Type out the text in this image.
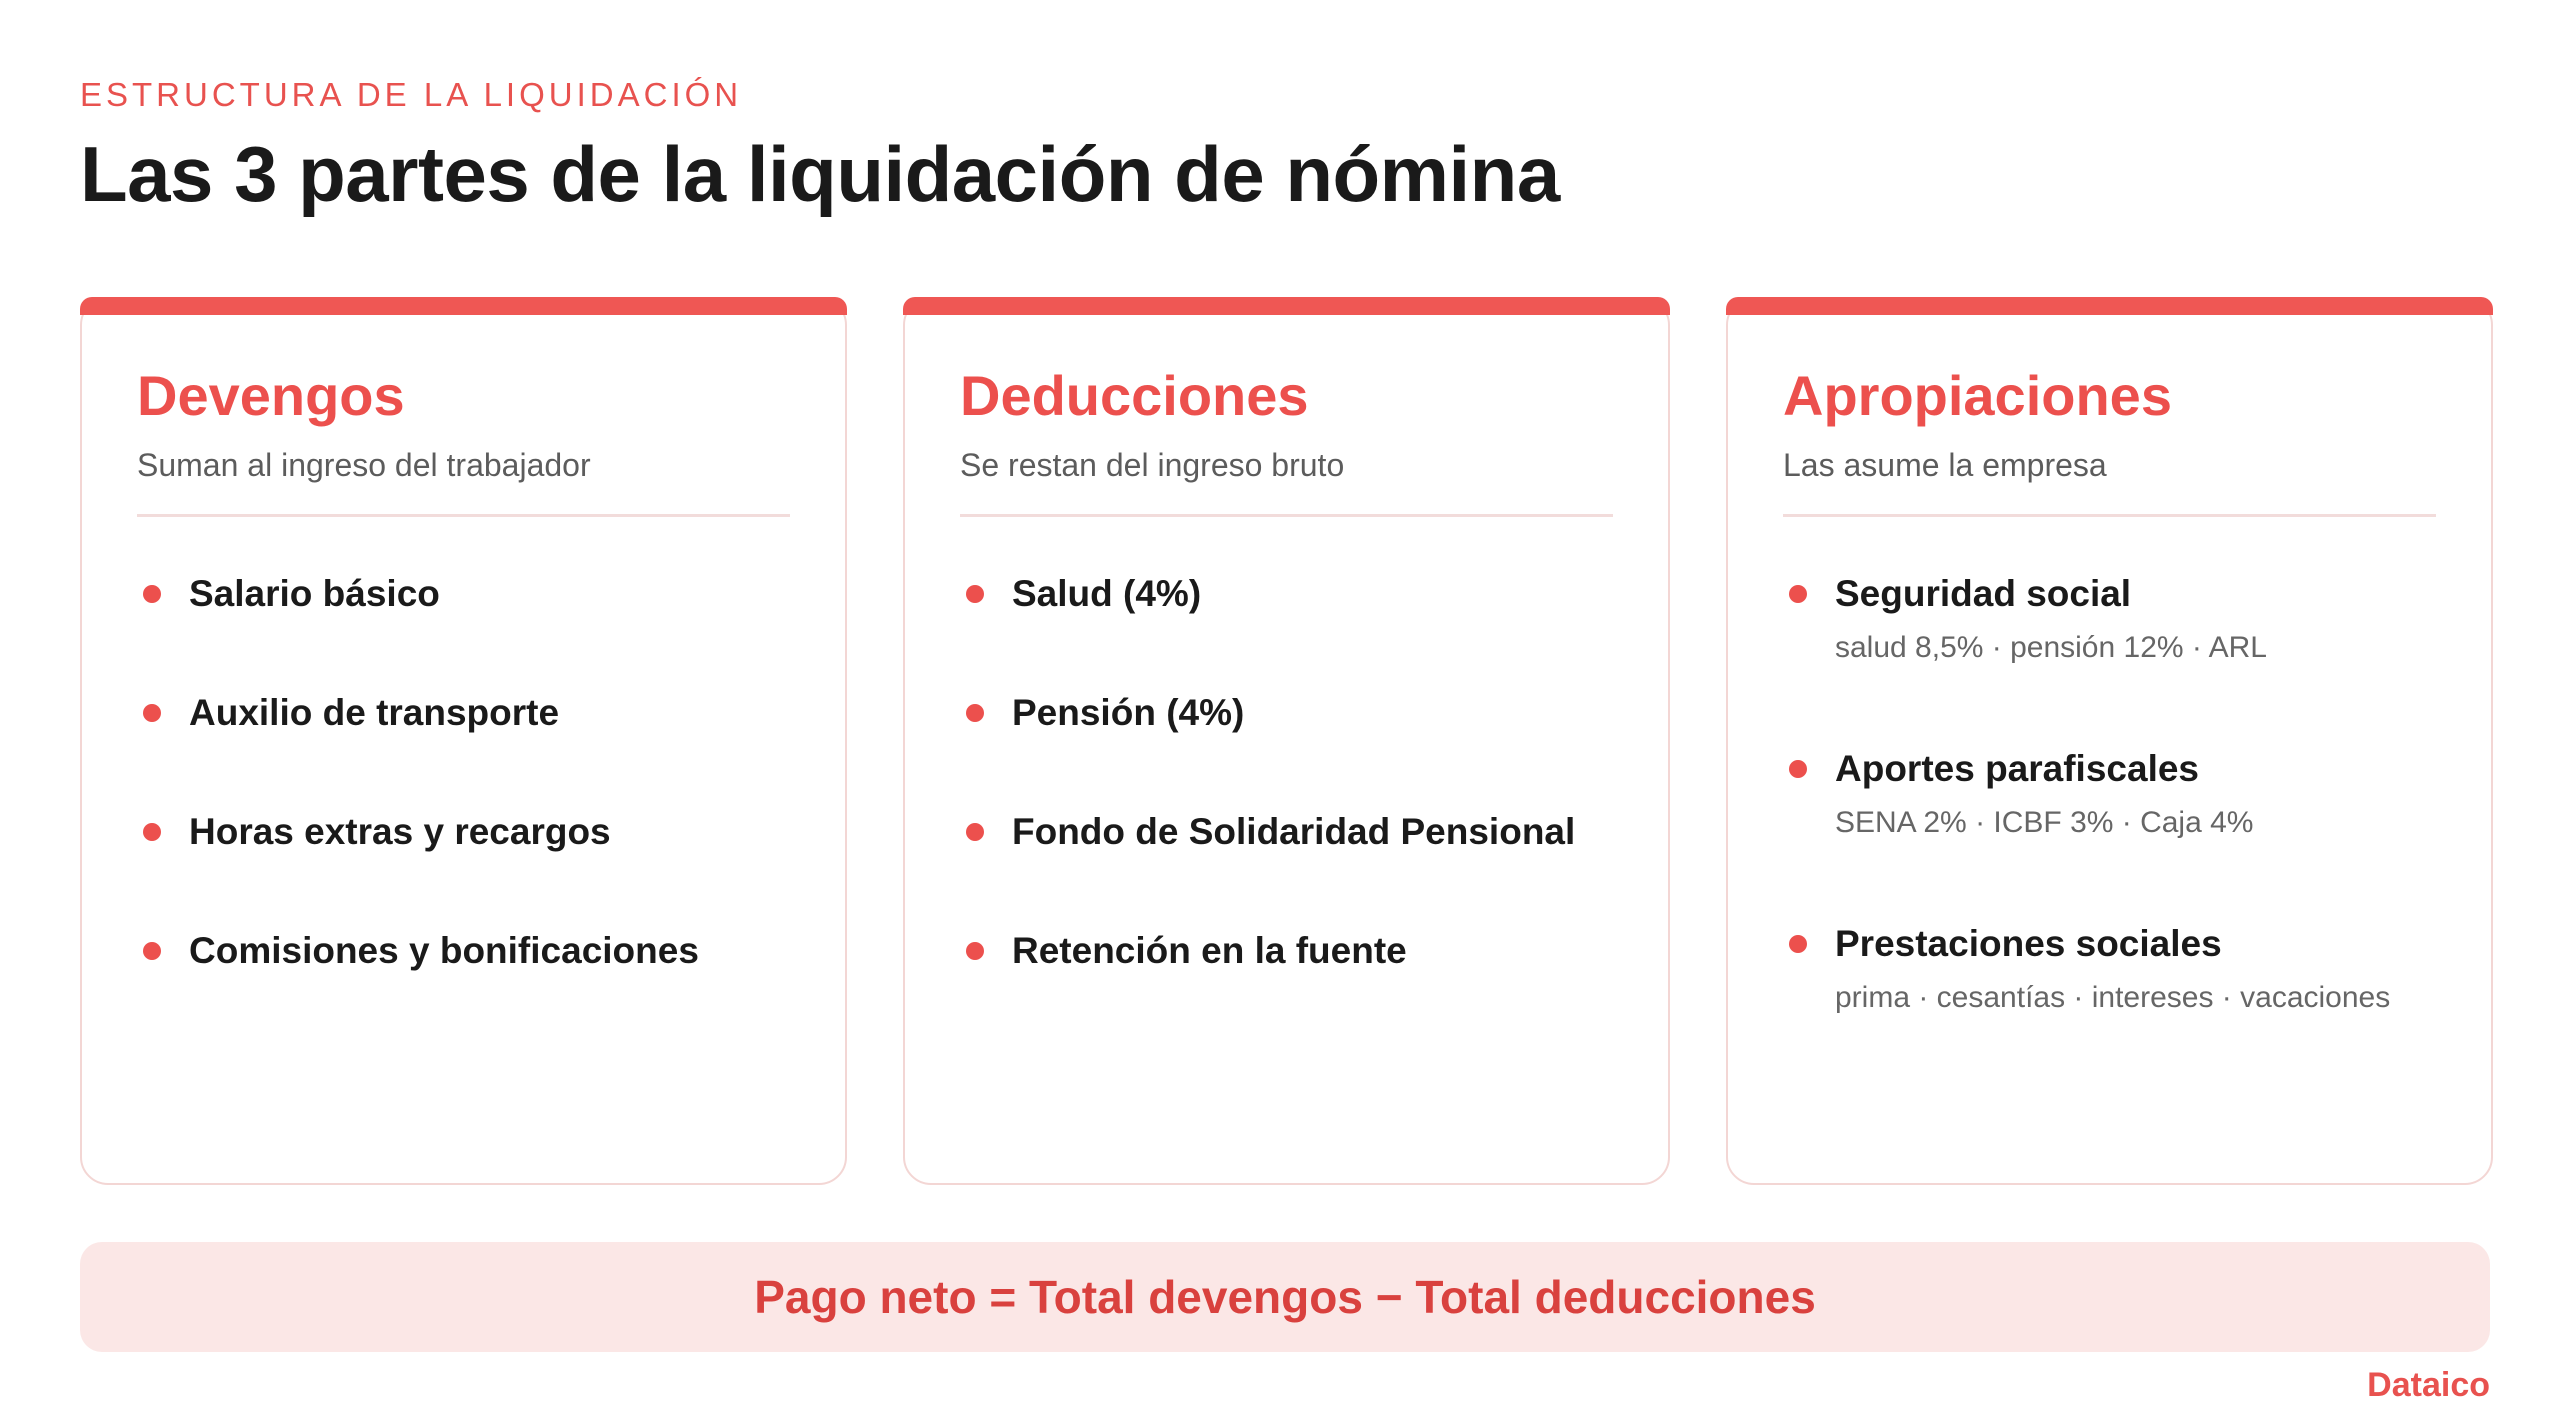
ESTRUCTURA DE LA LIQUIDACIÓN
Las 3 partes de la liquidación de nómina
Devengos
Suman al ingreso del trabajador
Salario básico
Auxilio de transporte
Horas extras y recargos
Comisiones y bonificaciones
Deducciones
Se restan del ingreso bruto
Salud (4%)
Pensión (4%)
Fondo de Solidaridad Pensional
Retención en la fuente
Apropiaciones
Las asume la empresa
Seguridad social
salud 8,5% · pensión 12% · ARL
Aportes parafiscales
SENA 2% · ICBF 3% · Caja 4%
Prestaciones sociales
prima · cesantías · intereses · vacaciones
Pago neto = Total devengos − Total deducciones
Dataico
